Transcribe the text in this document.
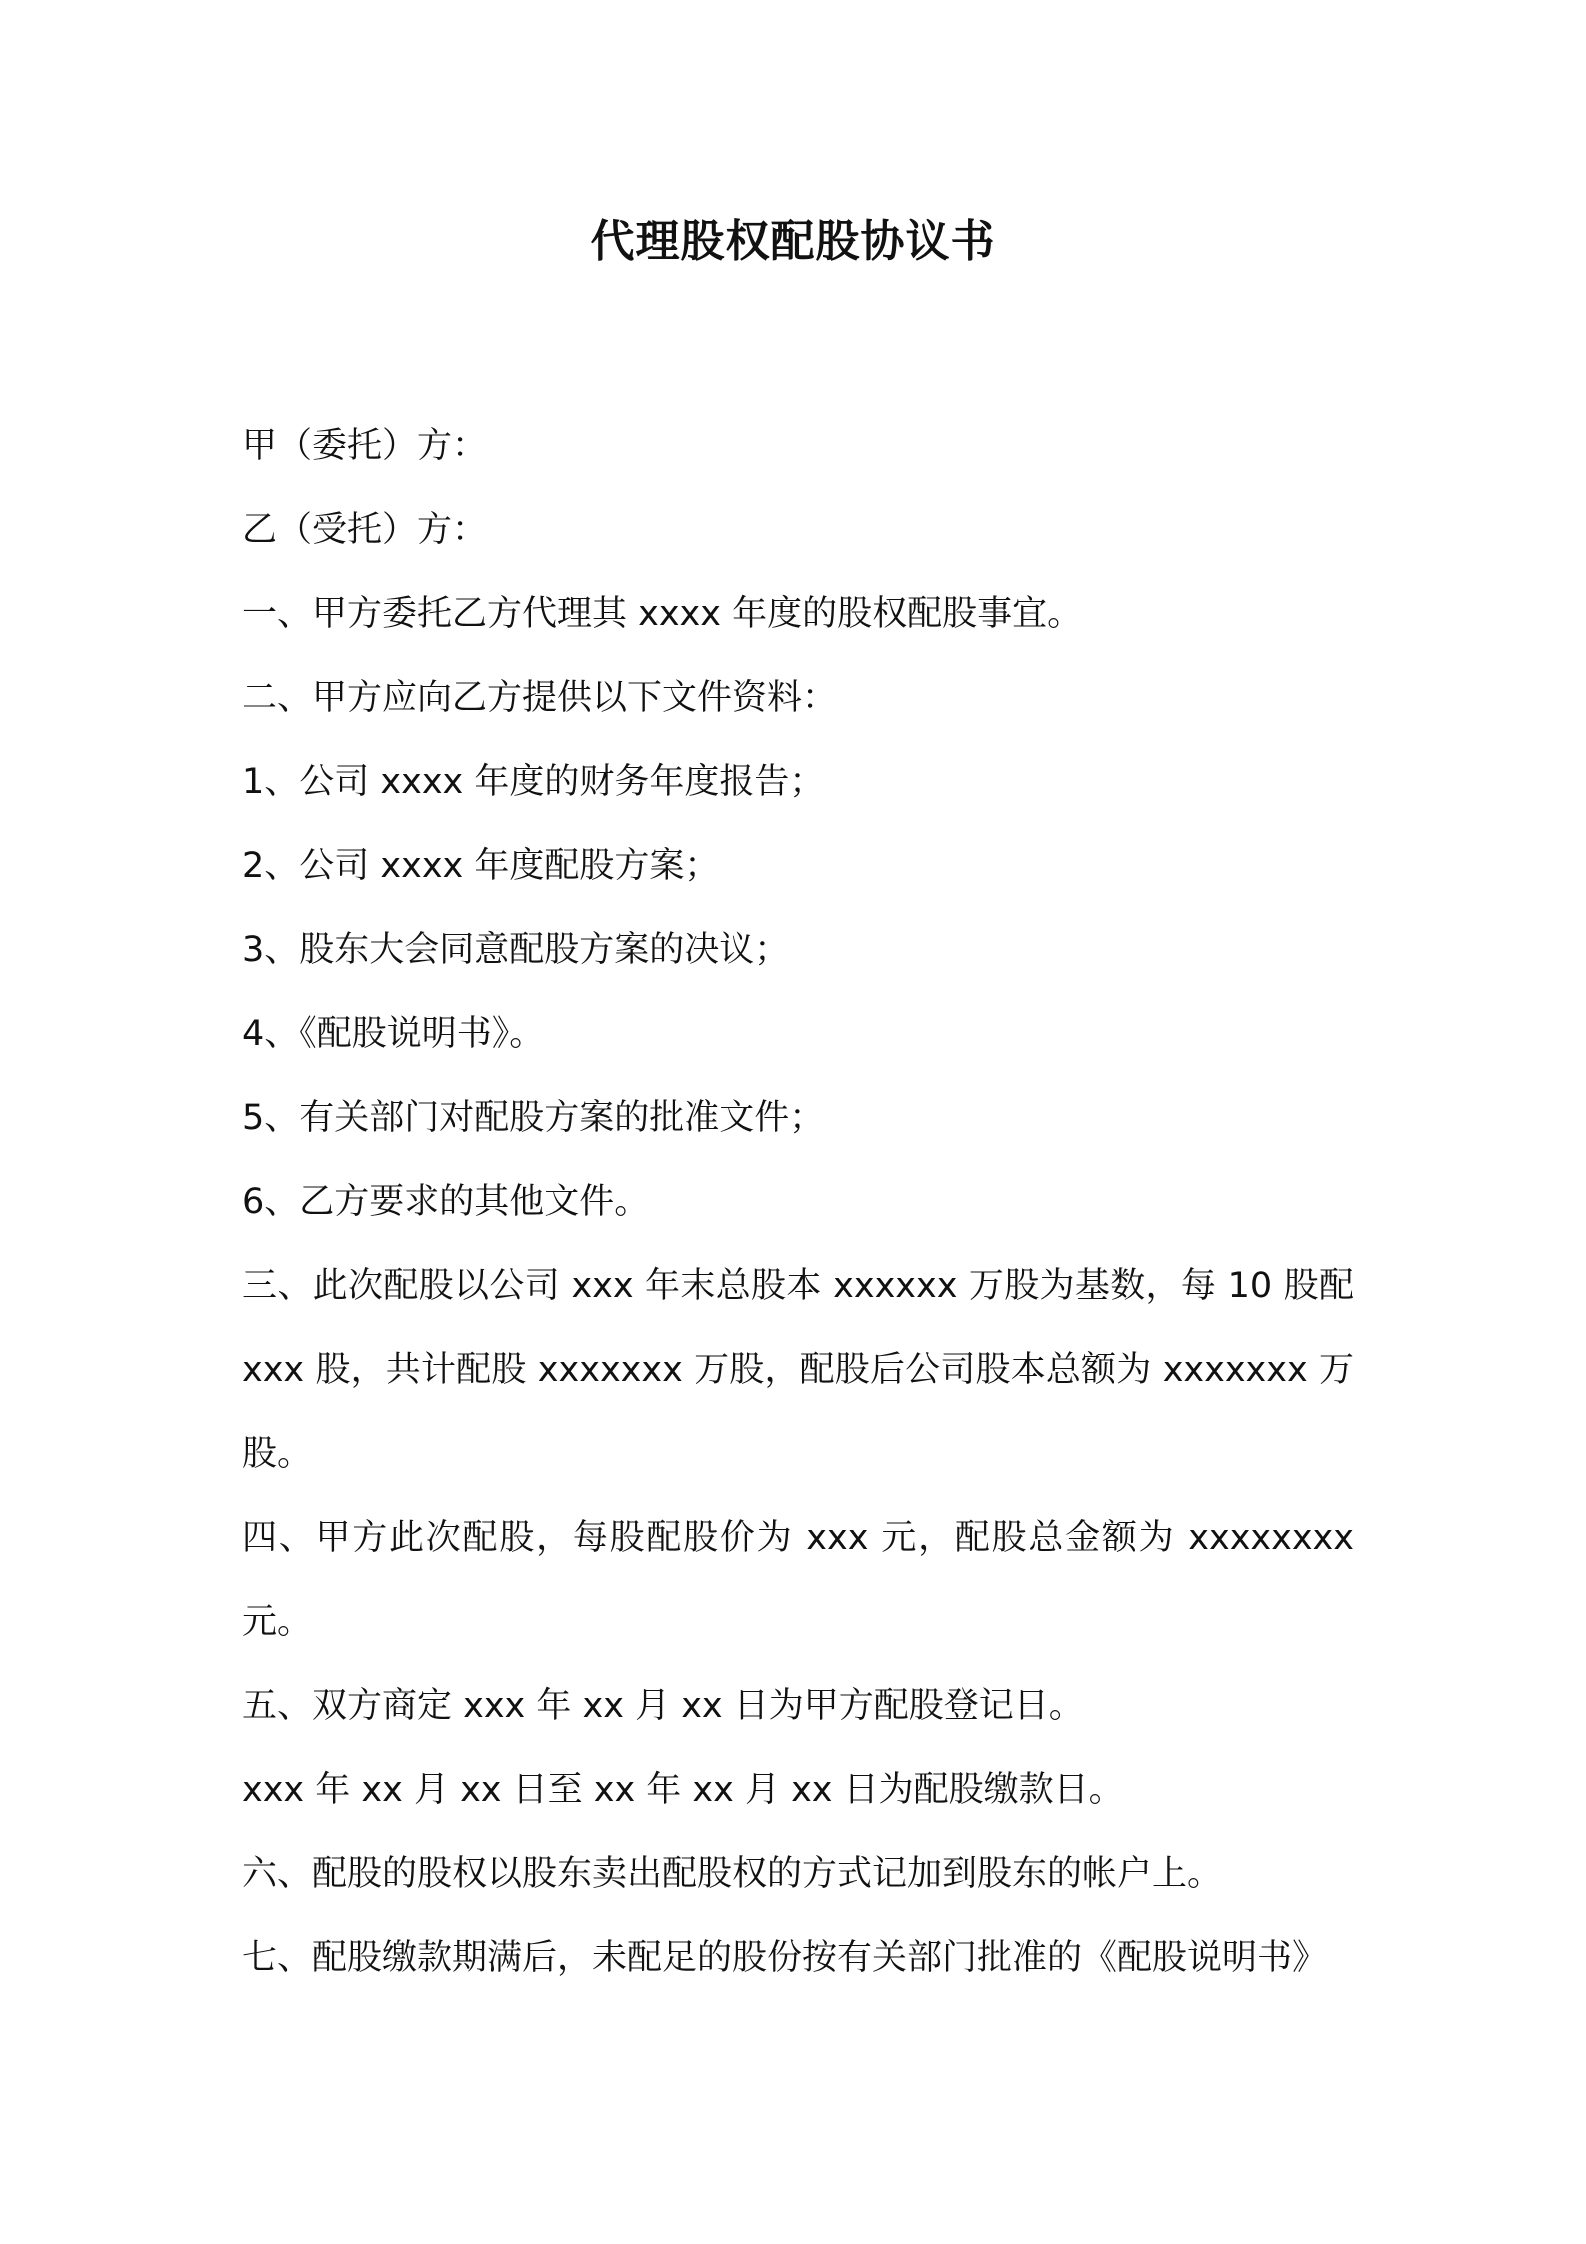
代理股权配股协议书

甲（委托）方：

乙（受托）方：

一、甲方委托乙方代理其 xxxx 年度的股权配股事宜。

二、甲方应向乙方提供以下文件资料：

1、公司 xxxx 年度的财务年度报告；

2、公司 xxxx 年度配股方案；

3、股东大会同意配股方案的决议；

4、《配股说明书》。

5、有关部门对配股方案的批准文件；

6、乙方要求的其他文件。

三、此次配股以公司 xxx 年末总股本 xxxxxx 万股为基数，每 10 股配 xxx 股，共计配股 xxxxxxx 万股，配股后公司股本总额为 xxxxxxx 万股。

四、甲方此次配股，每股配股价为 xxx 元，配股总金额为 xxxxxxxx 元。

五、双方商定 xxx 年 xx 月 xx 日为甲方配股登记日。

xxx 年 xx 月 xx 日至 xx 年 xx 月 xx 日为配股缴款日。

六、配股的股权以股东卖出配股权的方式记加到股东的帐户上。

七、配股缴款期满后，未配足的股份按有关部门批准的《配股说明书》
